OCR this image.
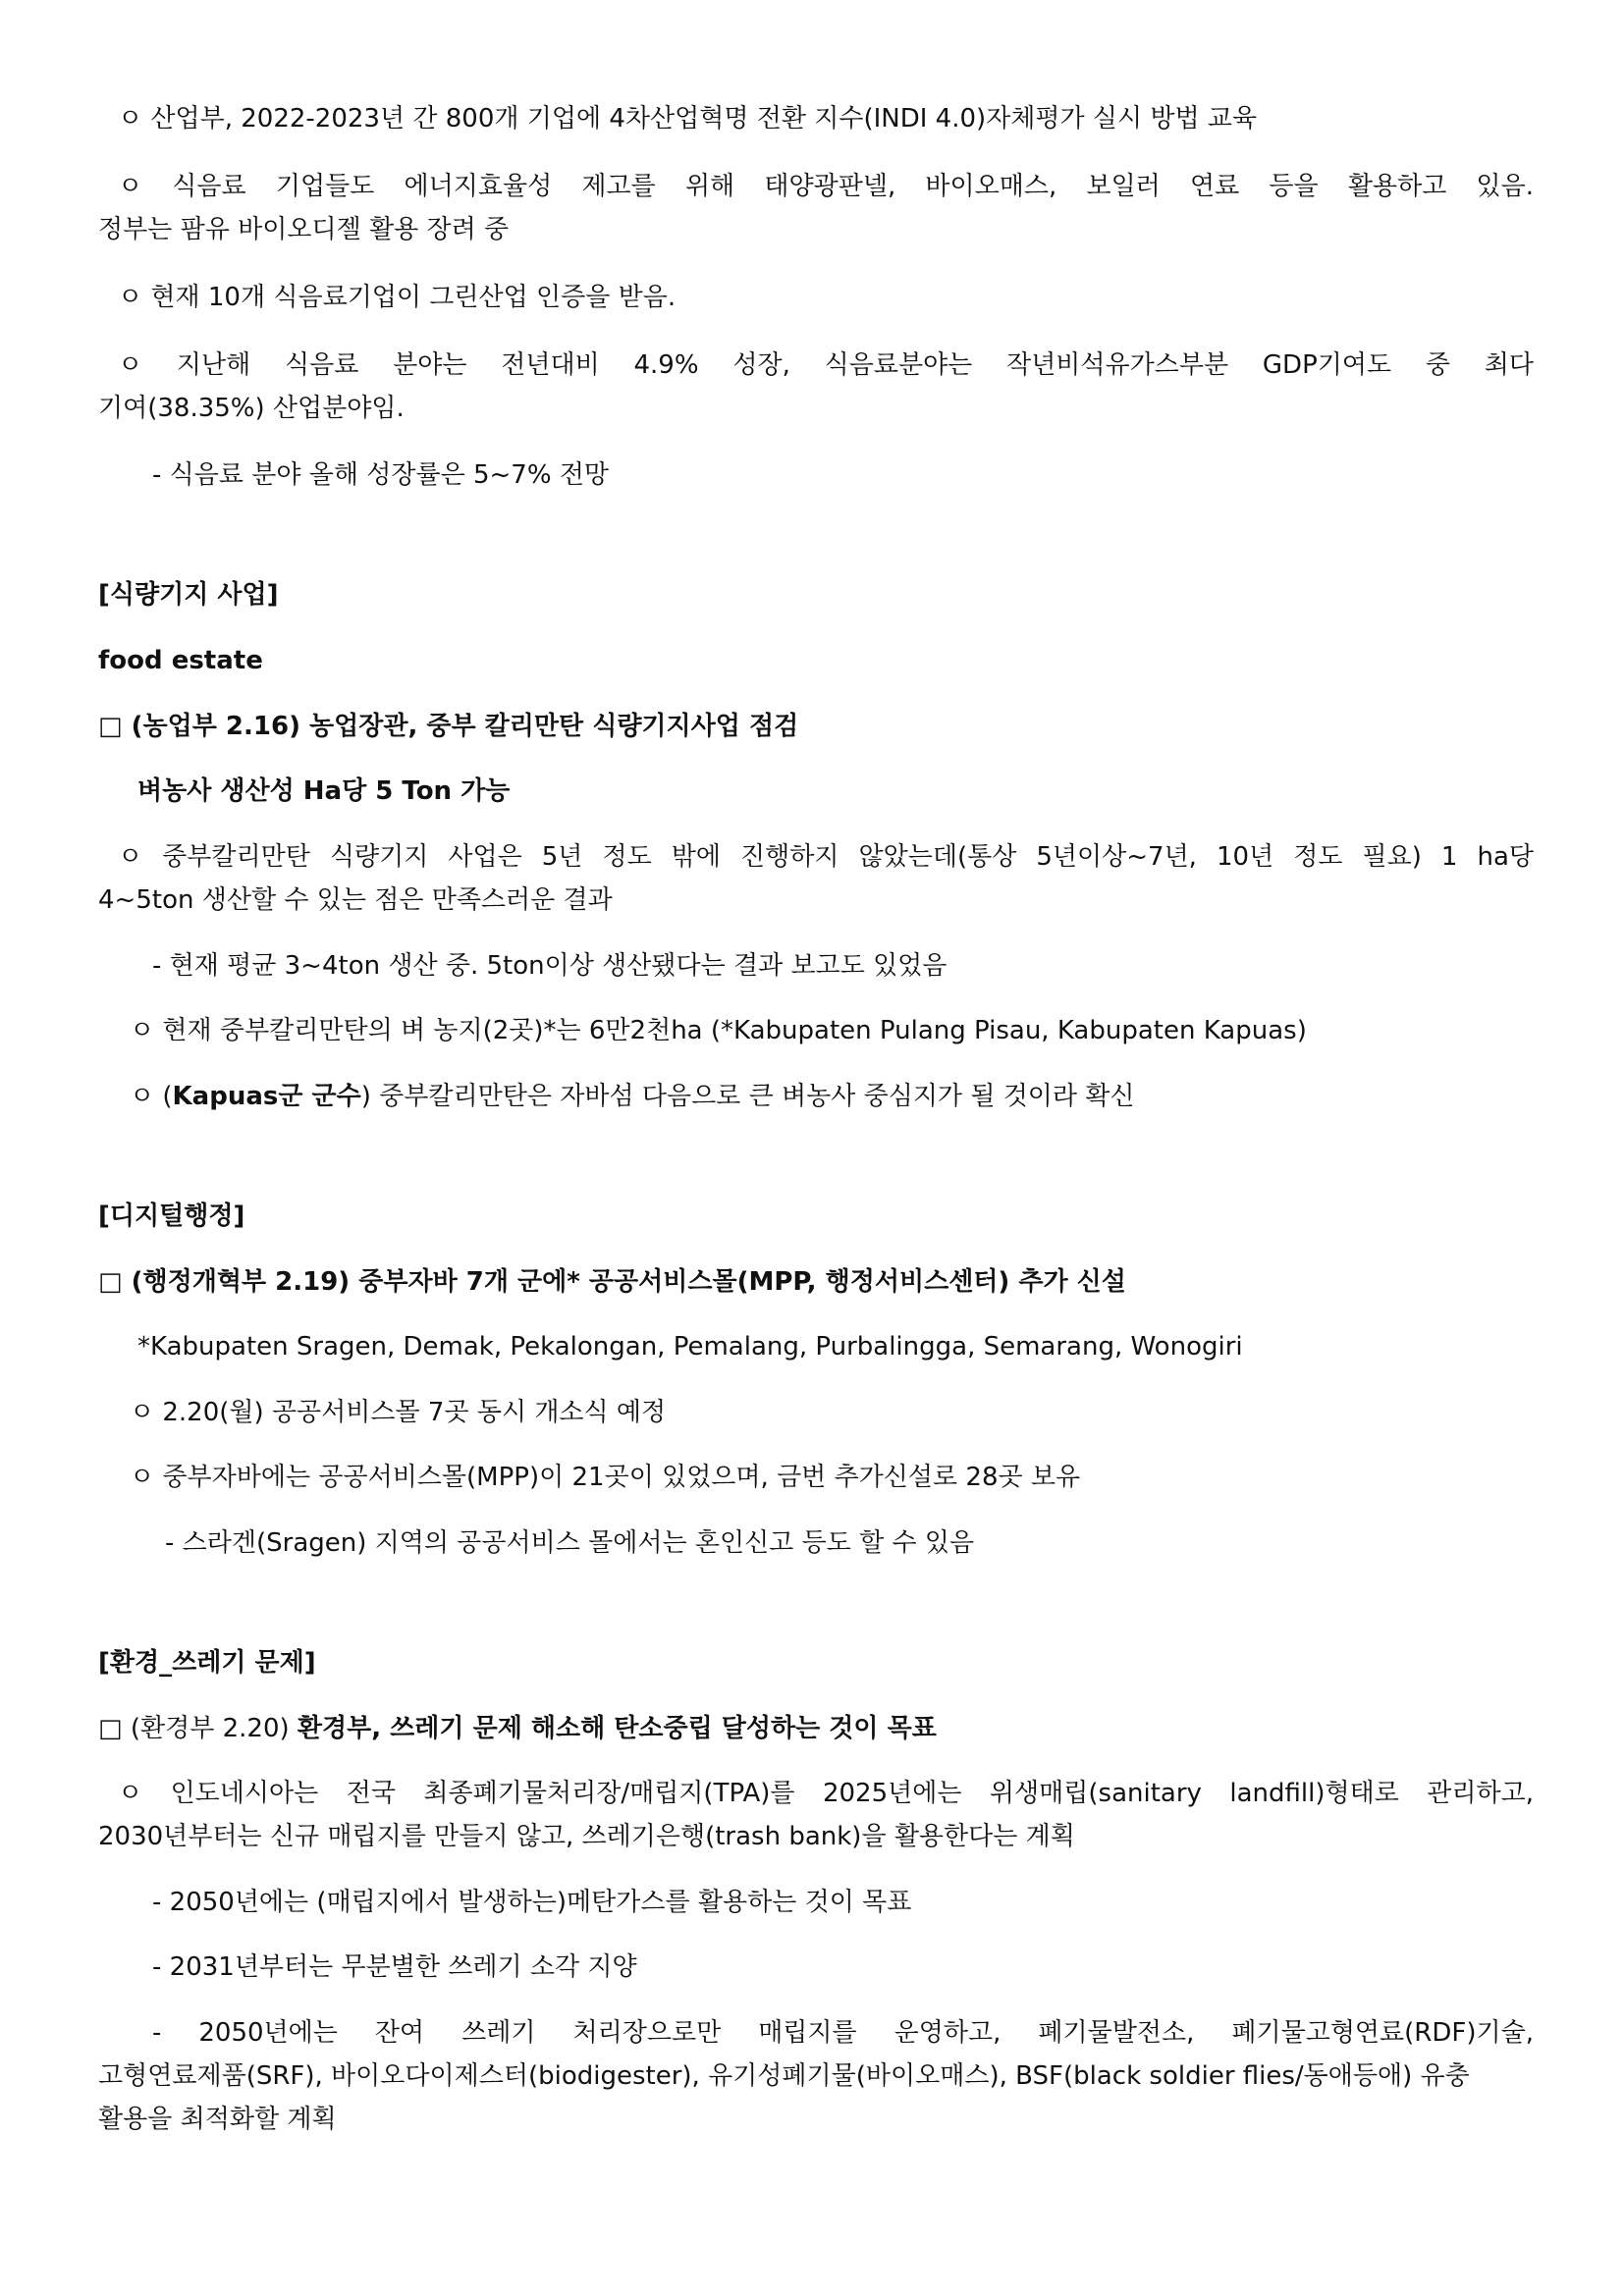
ㅇ 산업부, 2022-2023년 간 800개 기업에 4차산업혁명 전환 지수(INDI 4.0)자체평가 실시 방법 교육
ㅇ 식음료 기업들도 에너지효율성 제고를 위해 태양광판넬, 바이오매스, 보일러 연료 등을 활용하고 있음.
정부는 팜유 바이오디젤 활용 장려 중
ㅇ 현재 10개 식음료기업이 그린산업 인증을 받음.
ㅇ 지난해 식음료 분야는 전년대비 4.9% 성장, 식음료분야는 작년비석유가스부분 GDP기여도 중 최다
기여(38.35%) 산업분야임.
- 식음료 분야 올해 성장률은 5~7% 전망
[식량기지 사업]
food estate
□ (농업부 2.16) 농업장관, 중부 칼리만탄 식량기지사업 점검
벼농사 생산성 Ha당 5 Ton 가능
ㅇ 중부칼리만탄 식량기지 사업은 5년 정도 밖에 진행하지 않았는데(통상 5년이상~7년, 10년 정도 필요) 1 ha당
4~5ton 생산할 수 있는 점은 만족스러운 결과
- 현재 평균 3~4ton 생산 중. 5ton이상 생산됐다는 결과 보고도 있었음
ㅇ 현재 중부칼리만탄의 벼 농지(2곳)*는 6만2천ha (*Kabupaten Pulang Pisau, Kabupaten Kapuas)
ㅇ (Kapuas군 군수) 중부칼리만탄은 자바섬 다음으로 큰 벼농사 중심지가 될 것이라 확신
[디지털행정]
□ (행정개혁부 2.19) 중부자바 7개 군에* 공공서비스몰(MPP, 행정서비스센터) 추가 신설
*Kabupaten Sragen, Demak, Pekalongan, Pemalang, Purbalingga, Semarang, Wonogiri
ㅇ 2.20(월) 공공서비스몰 7곳 동시 개소식 예정
ㅇ 중부자바에는 공공서비스몰(MPP)이 21곳이 있었으며, 금번 추가신설로 28곳 보유
- 스라겐(Sragen) 지역의 공공서비스 몰에서는 혼인신고 등도 할 수 있음
[환경_쓰레기 문제]
□ (환경부 2.20) 환경부, 쓰레기 문제 해소해 탄소중립 달성하는 것이 목표
ㅇ 인도네시아는 전국 최종폐기물처리장/매립지(TPA)를 2025년에는 위생매립(sanitary landfill)형태로 관리하고,
2030년부터는 신규 매립지를 만들지 않고, 쓰레기은행(trash bank)을 활용한다는 계획
- 2050년에는 (매립지에서 발생하는)메탄가스를 활용하는 것이 목표
- 2031년부터는 무분별한 쓰레기 소각 지양
- 2050년에는 잔여 쓰레기 처리장으로만 매립지를 운영하고, 폐기물발전소, 폐기물고형연료(RDF)기술,
고형연료제품(SRF), 바이오다이제스터(biodigester), 유기성폐기물(바이오매스), BSF(black soldier flies/동애등애) 유충
활용을 최적화할 계획
